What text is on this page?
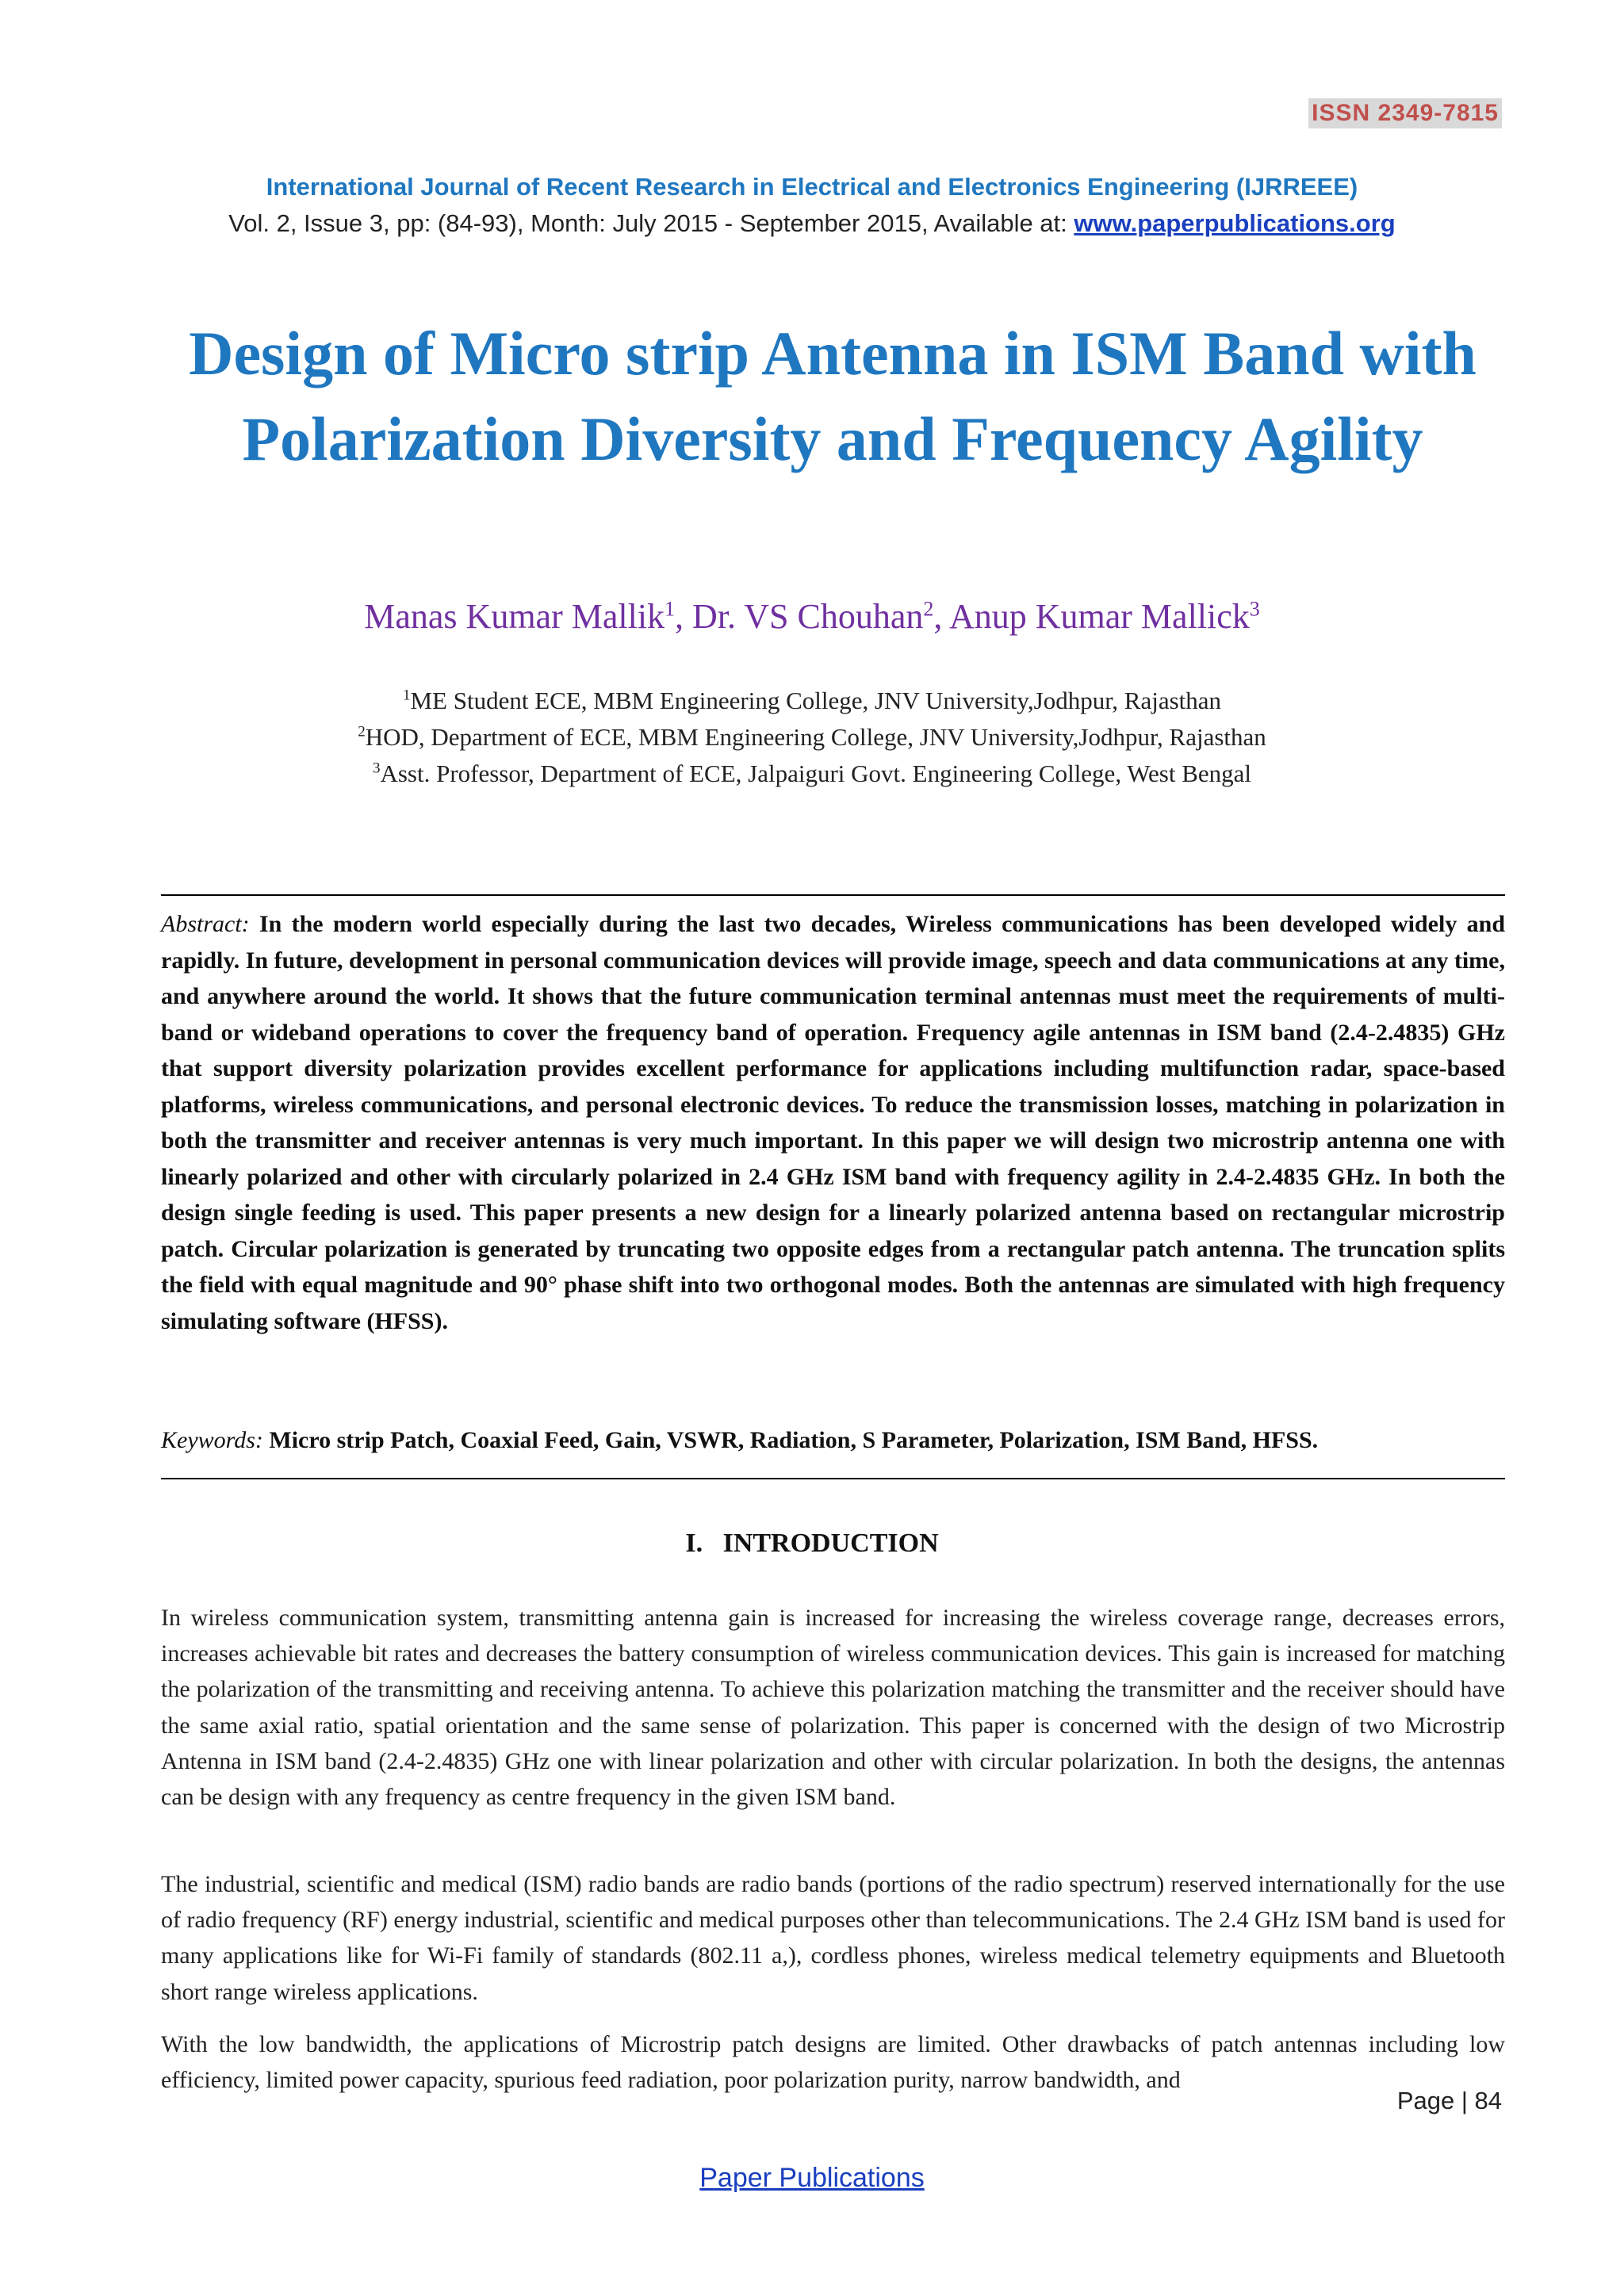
ISSN 2349-7815
International Journal of Recent Research in Electrical and Electronics Engineering (IJRREEE)
Vol. 2, Issue 3, pp: (84-93), Month: July 2015 - September 2015, Available at: www.paperpublications.org
Design of Micro strip Antenna in ISM Band with Polarization Diversity and Frequency Agility
Manas Kumar Mallik$^1$, Dr. VS Chouhan$^2$, Anup Kumar Mallick$^3$
$^1$ME Student ECE, MBM Engineering College, JNV University,Jodhpur, Rajasthan
$^2$HOD, Department of ECE, MBM Engineering College, JNV University,Jodhpur, Rajasthan
$^3$Asst. Professor, Department of ECE, Jalpaiguri Govt. Engineering College, West Bengal
Abstract: In the modern world especially during the last two decades, Wireless communications has been developed widely and rapidly. In future, development in personal communication devices will provide image, speech and data communications at any time, and anywhere around the world. It shows that the future communication terminal antennas must meet the requirements of multi-band or wideband operations to cover the frequency band of operation. Frequency agile antennas in ISM band (2.4-2.4835) GHz that support diversity polarization provides excellent performance for applications including multifunction radar, space-based platforms, wireless communications, and personal electronic devices. To reduce the transmission losses, matching in polarization in both the transmitter and receiver antennas is very much important. In this paper we will design two microstrip antenna one with linearly polarized and other with circularly polarized in 2.4 GHz ISM band with frequency agility in 2.4-2.4835 GHz. In both the design single feeding is used. This paper presents a new design for a linearly polarized antenna based on rectangular microstrip patch. Circular polarization is generated by truncating two opposite edges from a rectangular patch antenna. The truncation splits the field with equal magnitude and 90° phase shift into two orthogonal modes. Both the antennas are simulated with high frequency simulating software (HFSS).
Keywords: Micro strip Patch, Coaxial Feed, Gain, VSWR, Radiation, S Parameter, Polarization, ISM Band, HFSS.
I. INTRODUCTION
In wireless communication system, transmitting antenna gain is increased for increasing the wireless coverage range, decreases errors, increases achievable bit rates and decreases the battery consumption of wireless communication devices. This gain is increased for matching the polarization of the transmitting and receiving antenna. To achieve this polarization matching the transmitter and the receiver should have the same axial ratio, spatial orientation and the same sense of polarization. This paper is concerned with the design of two Microstrip Antenna in ISM band (2.4-2.4835) GHz one with linear polarization and other with circular polarization. In both the designs, the antennas can be design with any frequency as centre frequency in the given ISM band.
The industrial, scientific and medical (ISM) radio bands are radio bands (portions of the radio spectrum) reserved internationally for the use of radio frequency (RF) energy industrial, scientific and medical purposes other than telecommunications. The 2.4 GHz ISM band is used for many applications like for Wi-Fi family of standards (802.11 a,), cordless phones, wireless medical telemetry equipments and Bluetooth short range wireless applications.
With the low bandwidth, the applications of Microstrip patch designs are limited. Other drawbacks of patch antennas including low efficiency, limited power capacity, spurious feed radiation, poor polarization purity, narrow bandwidth, and
Page | 84
Paper Publications
